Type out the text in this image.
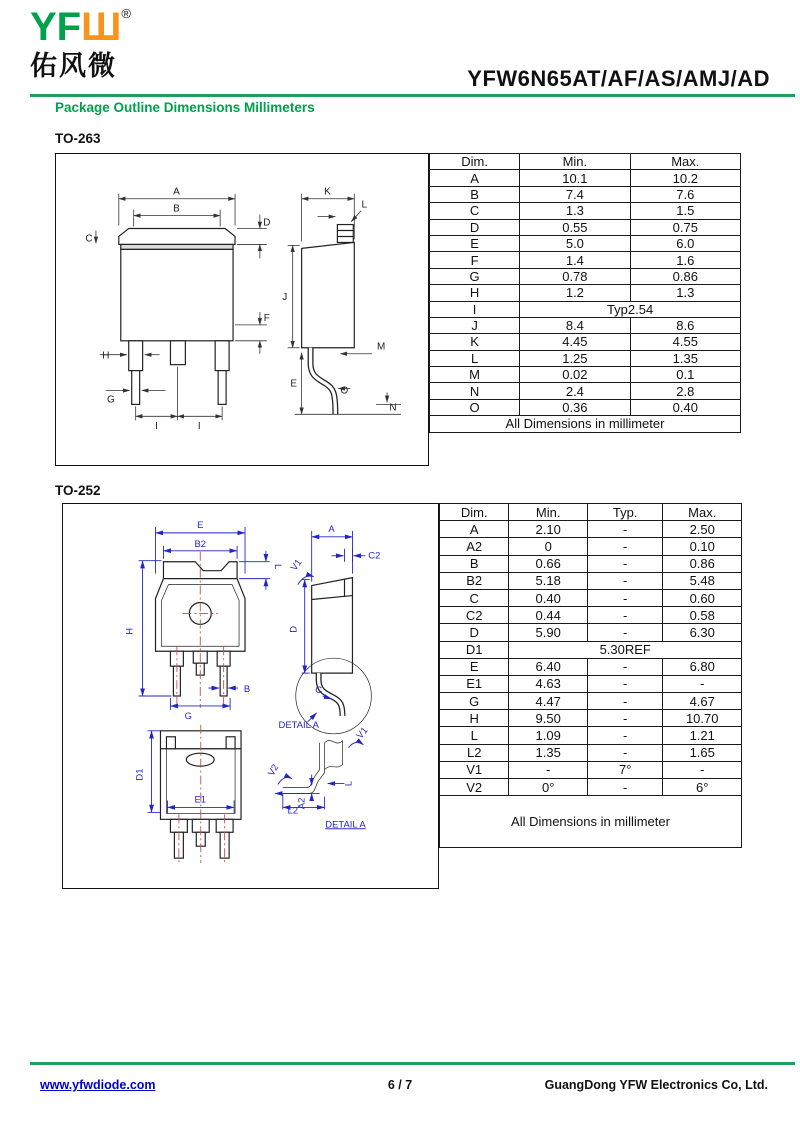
YFШ®
佑风微	YFW6N65AT/AF/AS/AMJ/AD
Package Outline Dimensions Millimeters
TO-263
A
B
C
D
F
H
G
I	I
K
L
J
E
M
O
N
Dim.	Min.	Max.
A	10.1	10.2
B	7.4	7.6
C	1.3	1.5
D	0.55	0.75
E	5.0	6.0
F	1.4	1.6
G	0.78	0.86
H	1.2	1.3
I	Typ2.54	
J	8.4	8.6
K	4.45	4.55
L	1.25	1.35
M	0.02	0.1
N	2.4	2.8
O	0.36	0.40
All Dimensions in millimeter		
TO-252
E
B2
L
H
B
G
A
C2
V1
D
C
DETAIL A
D1
E1
V2
V1
A2
L
L2
DETAIL A
Dim.	Min.	Typ.	Max.
A	2.10	-	2.50
A2	0	-	0.10
B	0.66	-	0.86
B2	5.18	-	5.48
C	0.40	-	0.60
C2	0.44	-	0.58
D	5.90	-	6.30
D1	5.30REF		
E	6.40	-	6.80
E1	4.63	-	-
G	4.47	-	4.67
H	9.50	-	10.70
L	1.09	-	1.21
L2	1.35	-	1.65
V1	-	7°	-
V2	0°	-	6°
All Dimensions in millimeter			
www.yfwdiode.com	6 / 7	GuangDong YFW Electronics Co, Ltd.
